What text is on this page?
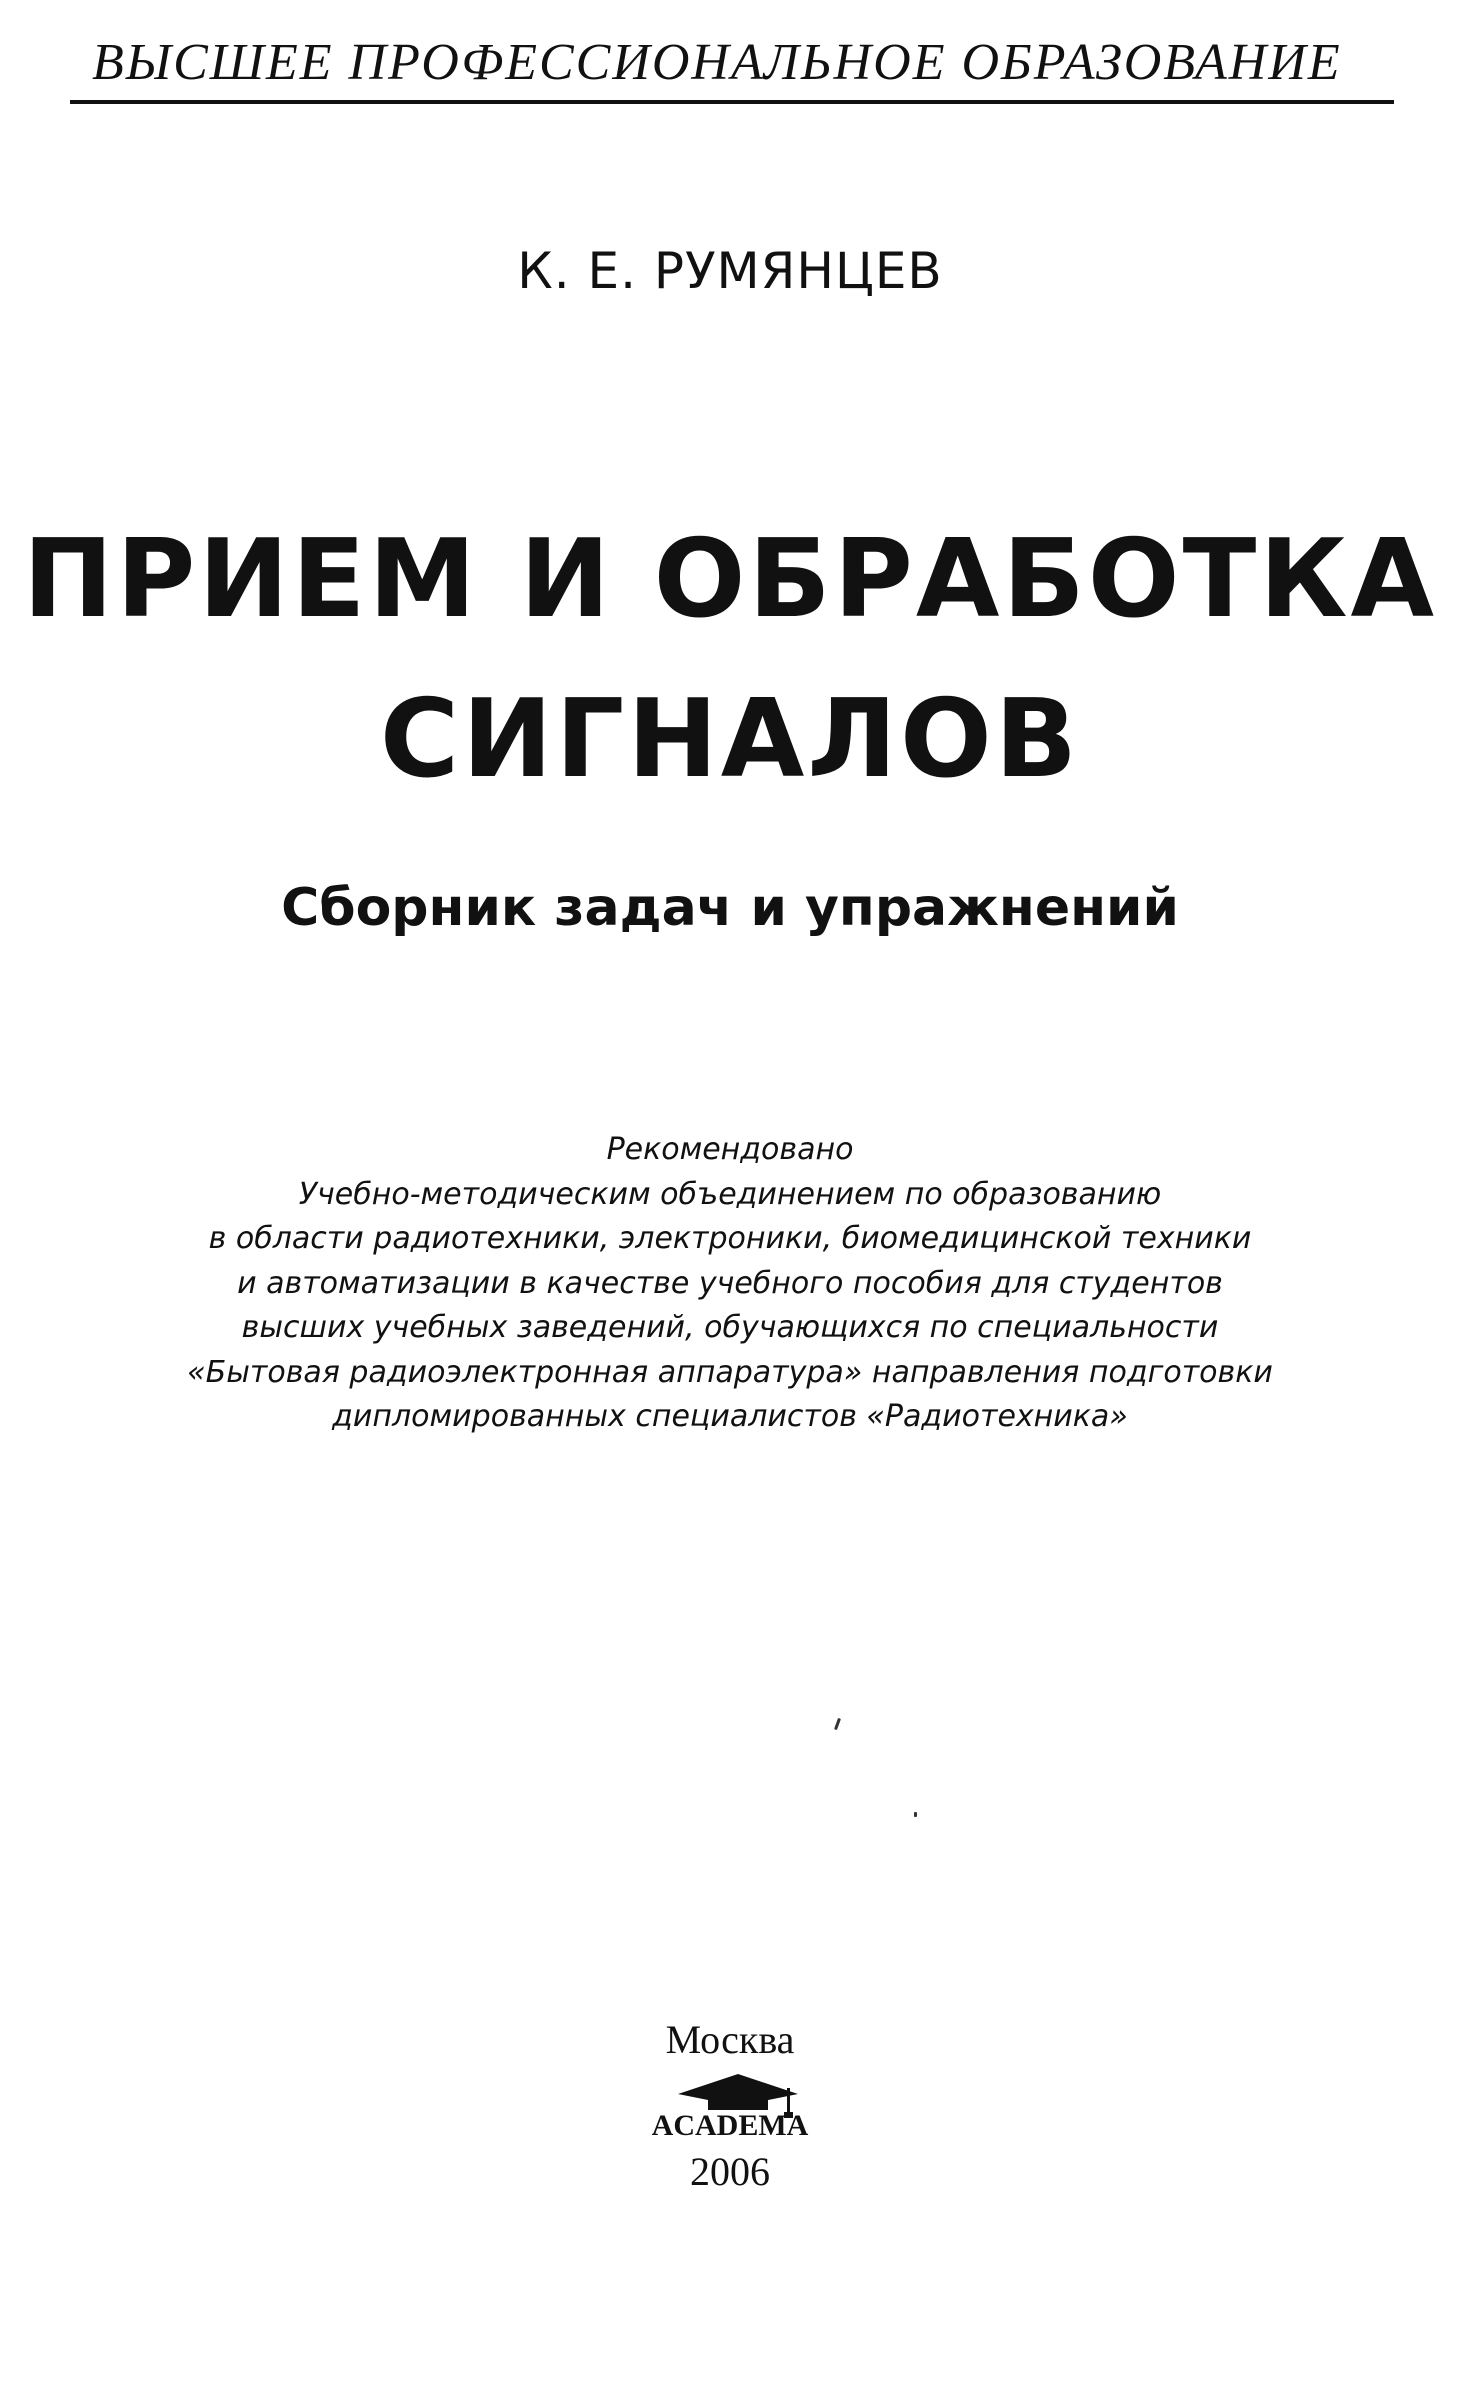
ВЫСШЕЕ ПРОФЕССИОНАЛЬНОЕ ОБРАЗОВАНИЕ
К. Е. РУМЯНЦЕВ
ПРИЕМ И ОБРАБОТКА
СИГНАЛОВ
Сборник задач и упражнений
Рекомендовано
Учебно-методическим объединением по образованию
в области радиотехники, электроники, биомедицинской техники
и автоматизации в качестве учебного пособия для студентов
высших учебных заведений, обучающихся по специальности
«Бытовая радиоэлектронная аппаратура» направления подготовки
дипломированных специалистов «Радиотехника»
Москва
ACADEMA
2006
